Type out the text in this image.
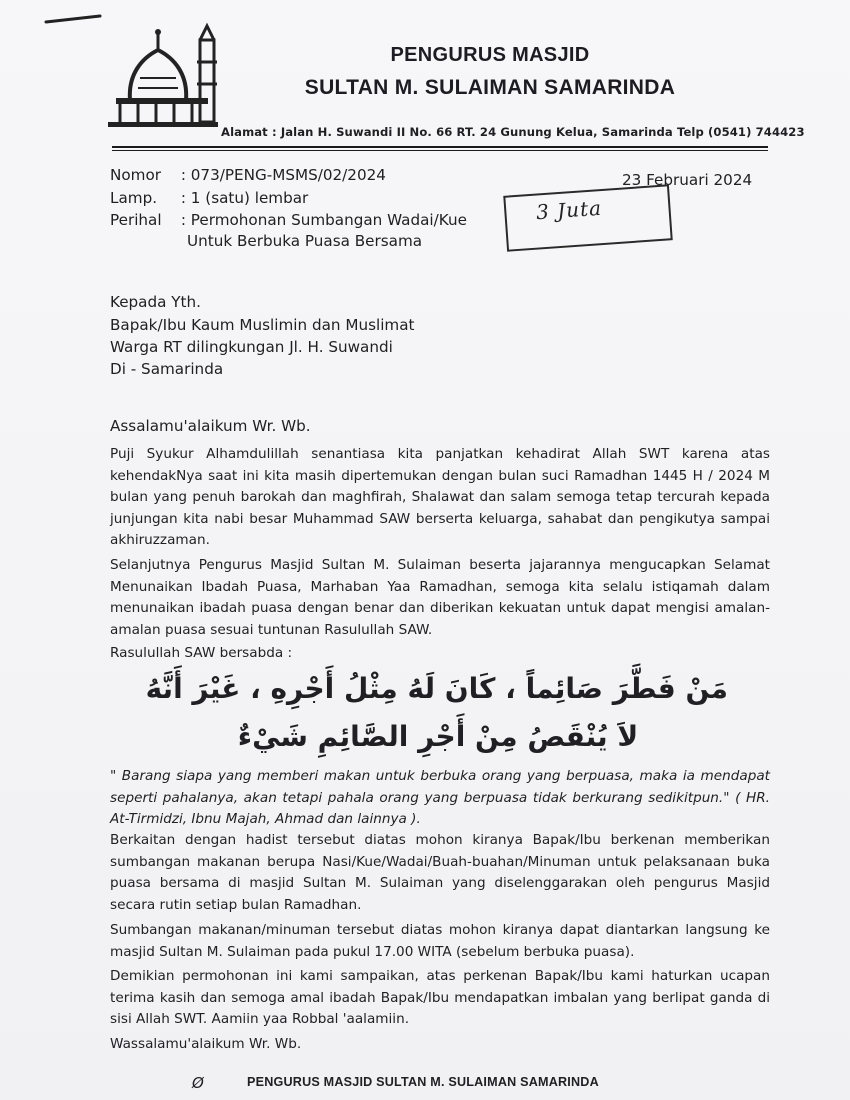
PENGURUS MASJID
SULTAN M. SULAIMAN SAMARINDA
Alamat : Jalan H. Suwandi II No. 66 RT. 24 Gunung Kelua, Samarinda Telp (0541) 744423
Nomor : 073/PENG-MSMS/02/2024
Lamp. : 1 (satu) lembar
Perihal : Permohonan Sumbangan Wadai/Kue
Untuk Berbuka Puasa Bersama
23 Februari 2024
3 Juta
Kepada Yth.
Bapak/Ibu Kaum Muslimin dan Muslimat
Warga RT dilingkungan Jl. H. Suwandi
Di - Samarinda
Assalamu'alaikum Wr. Wb.
Puji Syukur Alhamdulillah senantiasa kita panjatkan kehadirat Allah SWT karena atas kehendakNya saat ini kita masih dipertemukan dengan bulan suci Ramadhan 1445 H / 2024 M bulan yang penuh barokah dan maghfirah, Shalawat dan salam semoga tetap tercurah kepada junjungan kita nabi besar Muhammad SAW berserta keluarga, sahabat dan pengikutya sampai akhiruzzaman.
Selanjutnya Pengurus Masjid Sultan M. Sulaiman beserta jajarannya mengucapkan Selamat Menunaikan Ibadah Puasa, Marhaban Yaa Ramadhan, semoga kita selalu istiqamah dalam menunaikan ibadah puasa dengan benar dan diberikan kekuatan untuk dapat mengisi amalan-amalan puasa sesuai tuntunan Rasulullah SAW.
Rasulullah SAW bersabda :
مَنْ فَطَّرَ صَائِماً ، كَانَ لَهُ مِثْلُ أَجْرِهِ ، غَيْرَ أَنَّهُ
لاَ يُنْقَصُ مِنْ أَجْرِ الصَّائِمِ شَيْءٌ
" Barang siapa yang memberi makan untuk berbuka orang yang berpuasa, maka ia mendapat seperti pahalanya, akan tetapi pahala orang yang berpuasa tidak berkurang sedikitpun." ( HR. At-Tirmidzi, Ibnu Majah, Ahmad dan lainnya ).
Berkaitan dengan hadist tersebut diatas mohon kiranya Bapak/Ibu berkenan memberikan sumbangan makanan berupa Nasi/Kue/Wadai/Buah-buahan/Minuman untuk pelaksanaan buka puasa bersama di masjid Sultan M. Sulaiman yang diselenggarakan oleh pengurus Masjid secara rutin setiap bulan Ramadhan.
Sumbangan makanan/minuman tersebut diatas mohon kiranya dapat diantarkan langsung ke masjid Sultan M. Sulaiman pada pukul 17.00 WITA (sebelum berbuka puasa).
Demikian permohonan ini kami sampaikan, atas perkenan Bapak/Ibu kami haturkan ucapan terima kasih dan semoga amal ibadah Bapak/Ibu mendapatkan imbalan yang berlipat ganda di sisi Allah SWT. Aamiin yaa Robbal 'aalamiin.
Wassalamu'alaikum Wr. Wb.
Ø	PENGURUS MASJID SULTAN M. SULAIMAN SAMARINDA
